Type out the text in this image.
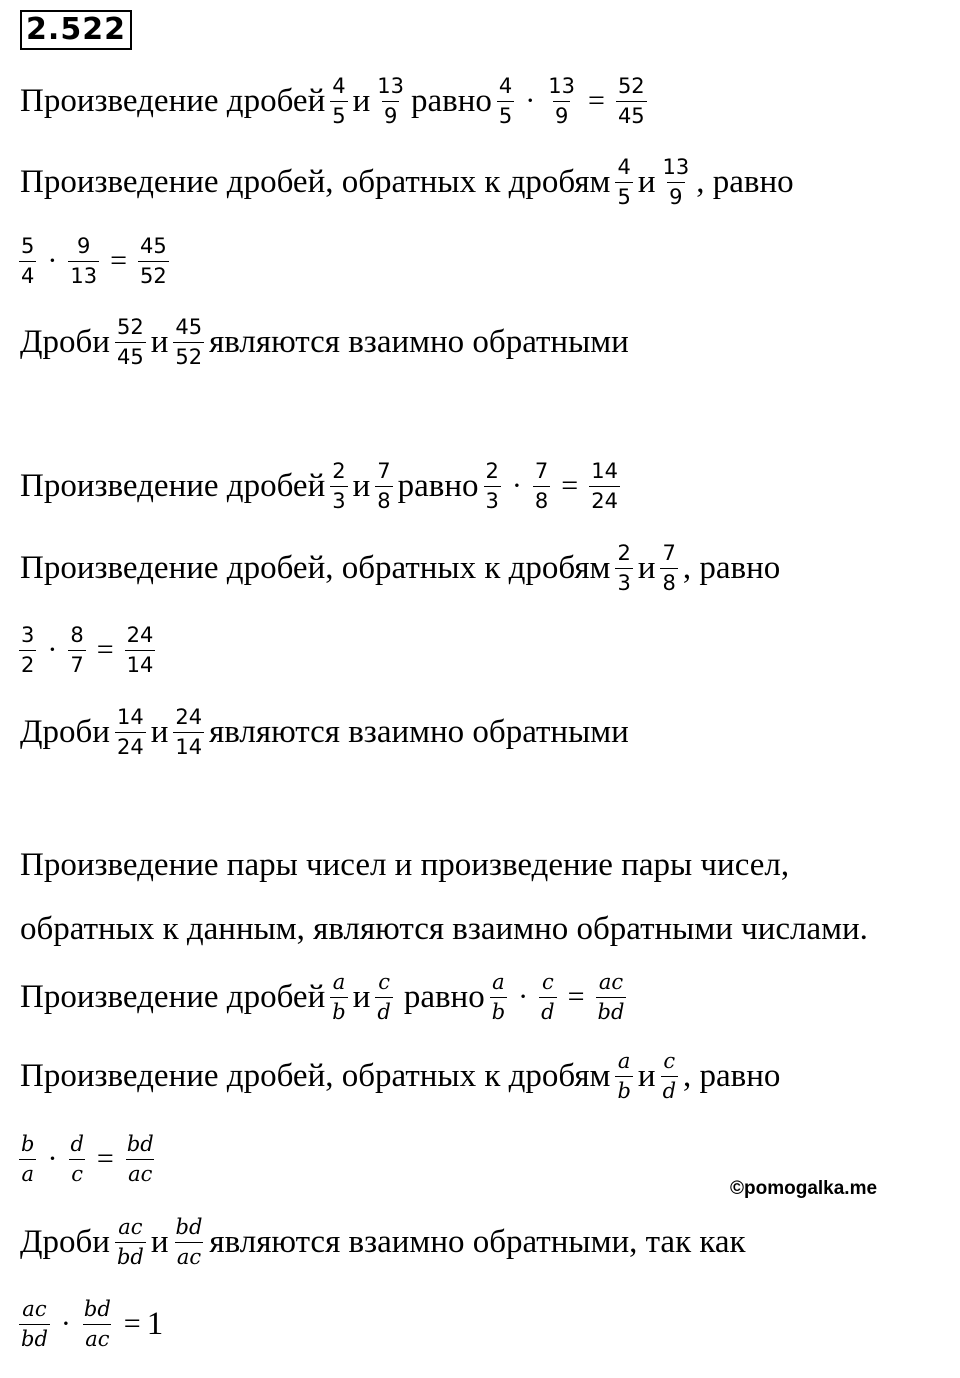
2.522
Произведение дробей $\frac{4}{5}$ и $\frac{13}{9}$ равно $\frac{4}{5} \cdot \frac{13}{9} = \frac{52}{45}$
Произведение дробей, обратных к дробям $\frac{4}{5}$ и $\frac{13}{9}$ , равно
$\frac{5}{4} \cdot \frac{9}{13} = \frac{45}{52}$
Дроби $\frac{52}{45}$ и $\frac{45}{52}$ являются взаимно обратными
Произведение дробей $\frac{2}{3}$ и $\frac{7}{8}$ равно $\frac{2}{3} \cdot \frac{7}{8} = \frac{14}{24}$
Произведение дробей, обратных к дробям $\frac{2}{3}$ и $\frac{7}{8}$ , равно
$\frac{3}{2} \cdot \frac{8}{7} = \frac{24}{14}$
Дроби $\frac{14}{24}$ и $\frac{24}{14}$ являются взаимно обратными
Произведение пары чисел и произведение пары чисел,
обратных к данным, являются взаимно обратными числами.
Произведение дробей $\frac{a}{b}$ и $\frac{c}{d}$ равно $\frac{a}{b} \cdot \frac{c}{d} = \frac{ac}{bd}$
Произведение дробей, обратных к дробям $\frac{a}{b}$ и $\frac{c}{d}$ , равно
$\frac{b}{a} \cdot \frac{d}{c} = \frac{bd}{ac}$
©pomogalka.me
Дроби $\frac{ac}{bd}$ и $\frac{bd}{ac}$ являются взаимно обратными, так как
$\frac{ac}{bd} \cdot \frac{bd}{ac} = 1$
